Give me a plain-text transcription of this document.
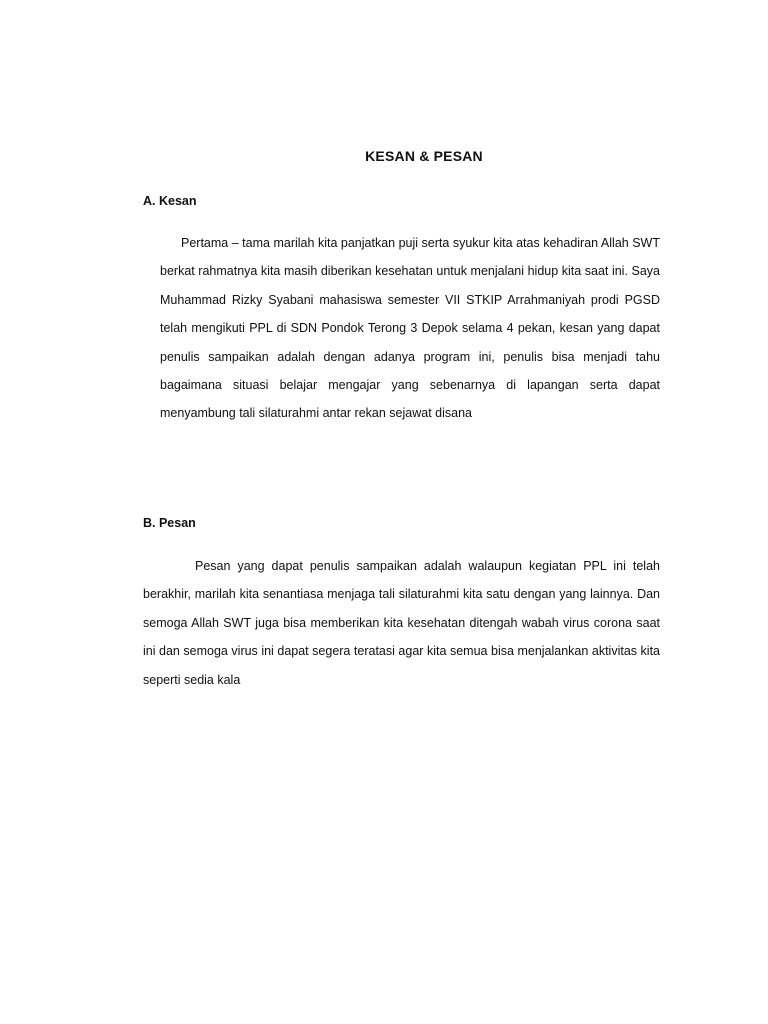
KESAN & PESAN
A. Kesan

Pertama – tama marilah kita panjatkan puji serta syukur kita atas kehadiran Allah SWT berkat rahmatnya kita masih diberikan kesehatan untuk menjalani hidup kita saat ini. Saya Muhammad Rizky Syabani mahasiswa semester VII STKIP Arrahmaniyah prodi PGSD telah mengikuti PPL di SDN Pondok Terong 3 Depok selama 4 pekan, kesan yang dapat penulis sampaikan adalah dengan adanya program ini, penulis bisa menjadi tahu bagaimana situasi belajar mengajar yang sebenarnya di lapangan serta dapat menyambung tali silaturahmi antar rekan sejawat disana

B. Pesan

Pesan yang dapat penulis sampaikan adalah walaupun kegiatan PPL ini telah berakhir, marilah kita senantiasa menjaga tali silaturahmi kita satu dengan yang lainnya. Dan semoga Allah SWT juga bisa memberikan kita kesehatan ditengah wabah virus corona saat ini dan semoga virus ini dapat segera teratasi agar kita semua bisa menjalankan aktivitas kita seperti sedia kala
